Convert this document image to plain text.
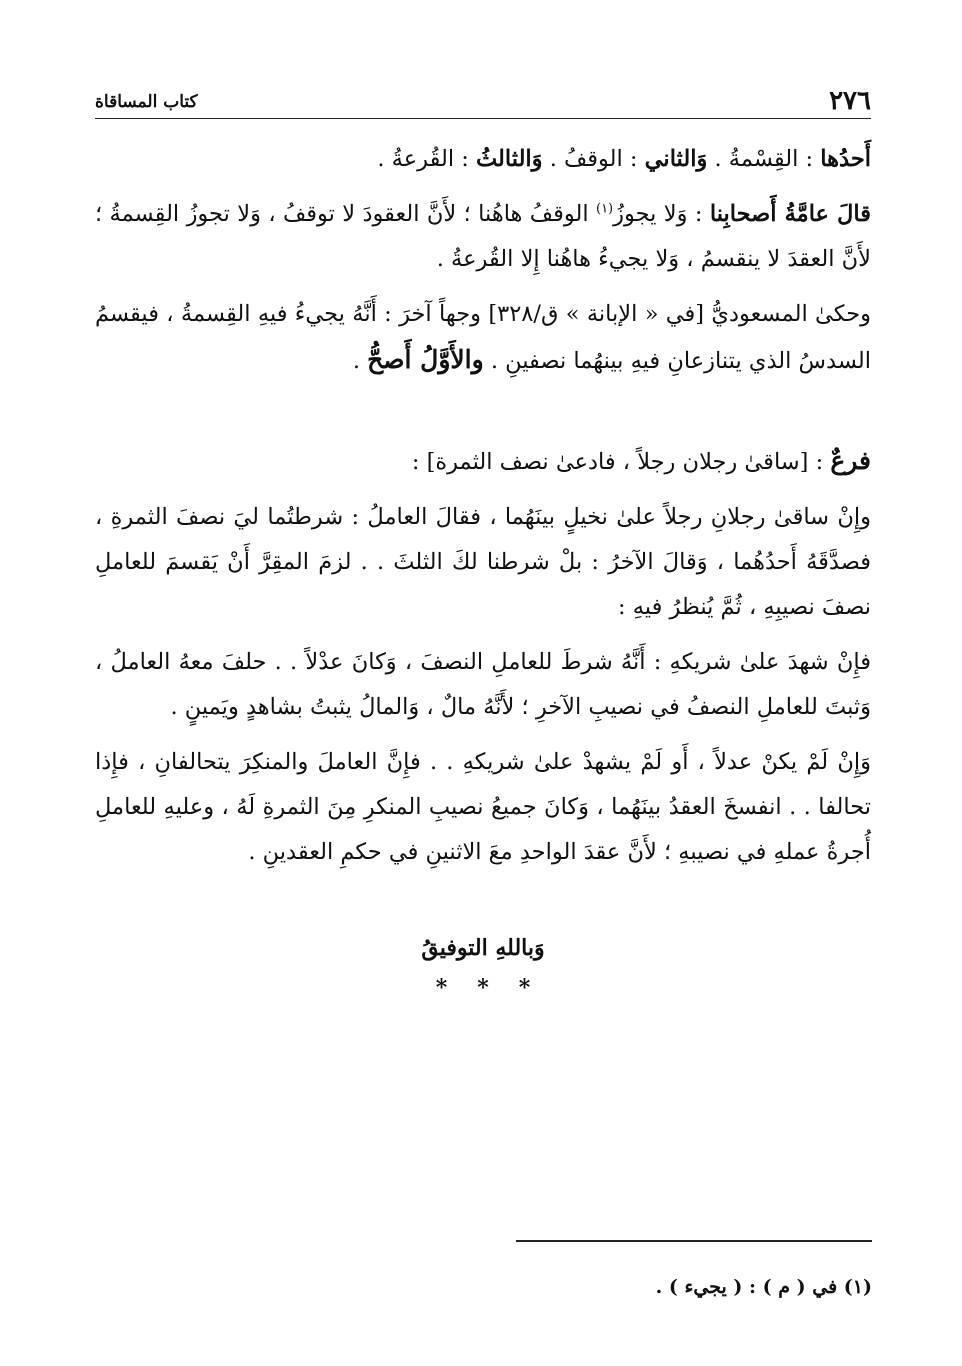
٢٧٦
كتاب المساقاة

أَحدُها : القِسْمةُ . وَالثاني : الوقفُ . وَالثالثُ : القُرعةُ .

قالَ عامَّةُ أَصحابِنا : وَلا يجوزُ$^{(١)}$ الوقفُ هاهُنا ؛ لأَنَّ العقودَ لا توقفُ ، وَلا تجوزُ القِسمةُ ؛ لأَنَّ العقدَ لا ينقسمُ ، وَلا يجيءُ هاهُنا إِلا القُرعةُ .

وحكىٰ المسعوديُّ [في « الإبانة » ق/٣٢٨] وجهاً آخرَ : أَنَّهُ يجيءُ فيهِ القِسمةُ ، فيقسمُ السدسُ الذي يتنازعانِ فيهِ بينهُما نصفينِ . والأَوَّلُ أَصحُّ .

فرعٌ : [ساقىٰ رجلان رجلاً ، فادعىٰ نصف الثمرة] :

وإِنْ ساقىٰ رجلانِ رجلاً علىٰ نخيلٍ بينَهُما ، فقالَ العاملُ : شرطتُما ليَ نصفَ الثمرةِ ، فصدَّقَهُ أَحدُهُما ، وَقالَ الآخرُ : بلْ شرطنا لكَ الثلثَ . . لزمَ المقِرَّ أَنْ يَقسمَ للعاملِ نصفَ نصيبِهِ ، ثُمَّ يُنظرُ فيهِ :

فإِنْ شهدَ علىٰ شريكهِ : أَنَّهُ شرطَ للعاملِ النصفَ ، وَكانَ عدْلاً . . حلفَ معهُ العاملُ ، وَثبتَ للعاملِ النصفُ في نصيبِ الآخرِ ؛ لأَنَّهُ مالٌ ، وَالمالُ يثبتُ بشاهدٍ ويَمينٍ .

وَإِنْ لَمْ يكنْ عدلاً ، أَو لَمْ يشهدْ علىٰ شريكهِ . . فإِنَّ العاملَ والمنكِرَ يتحالفانِ ، فإِذا تحالفا . . انفسخَ العقدُ بينَهُما ، وَكانَ جميعُ نصيبِ المنكرِ مِنَ الثمرةِ لَهُ ، وعليهِ للعاملِ أُجرةُ عملهِ في نصيبهِ ؛ لأَنَّ عقدَ الواحدِ معَ الاثنينِ في حكمِ العقدينِ .

وَباللهِ التوفيقُ
*
*
*
(١) في ( م ) : ( يجيء ) .
